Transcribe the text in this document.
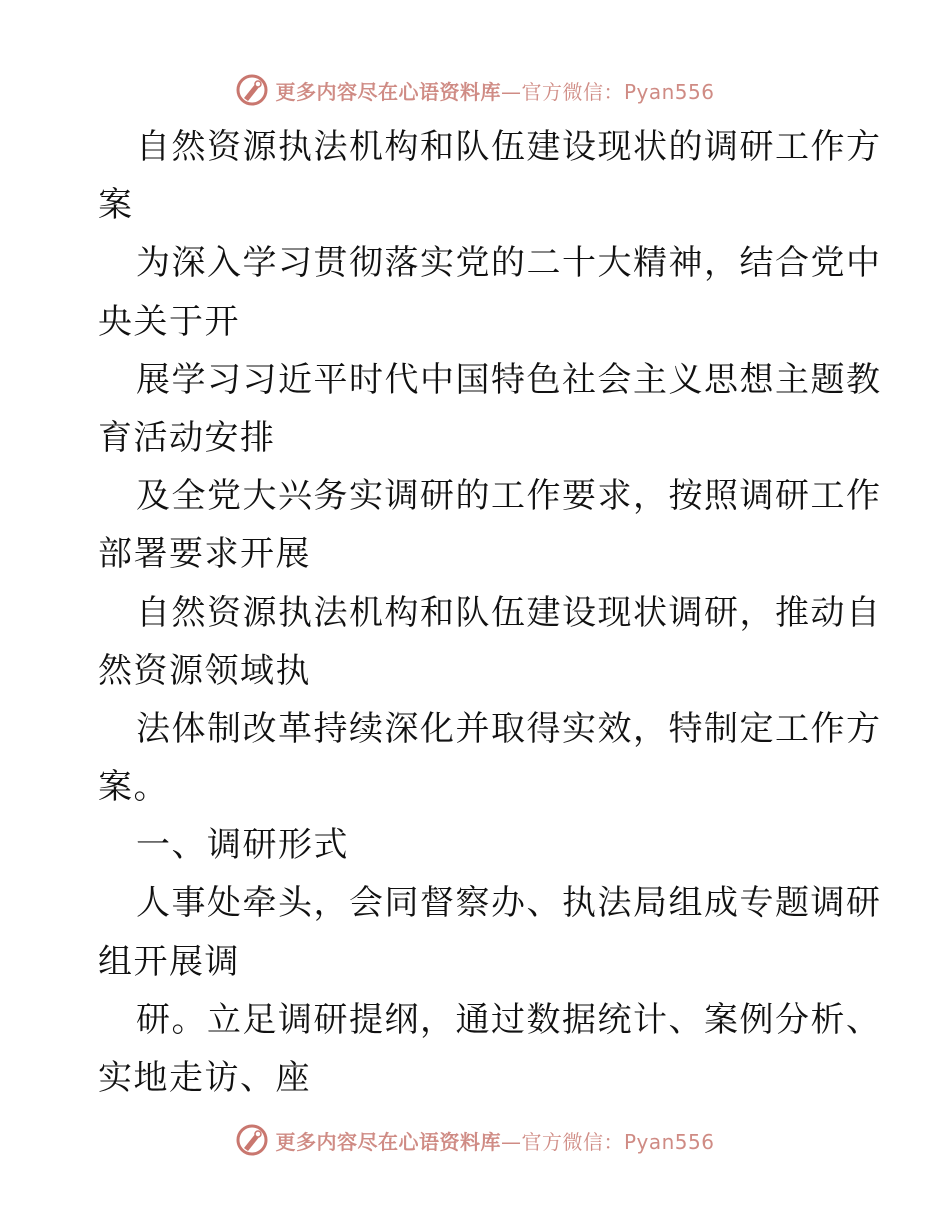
更多内容尽在心语资料库—官方微信：Pyan556
自然资源执法机构和队伍建设现状的调研工作方
案
为深入学习贯彻落实党的二十大精神，结合党中
央关于开
展学习习近平时代中国特色社会主义思想主题教
育活动安排
及全党大兴务实调研的工作要求，按照调研工作
部署要求开展
自然资源执法机构和队伍建设现状调研，推动自
然资源领域执
法体制改革持续深化并取得实效，特制定工作方
案。
一、调研形式
人事处牵头，会同督察办、执法局组成专题调研
组开展调
研。立足调研提纲，通过数据统计、案例分析、
实地走访、座
更多内容尽在心语资料库—官方微信：Pyan556
